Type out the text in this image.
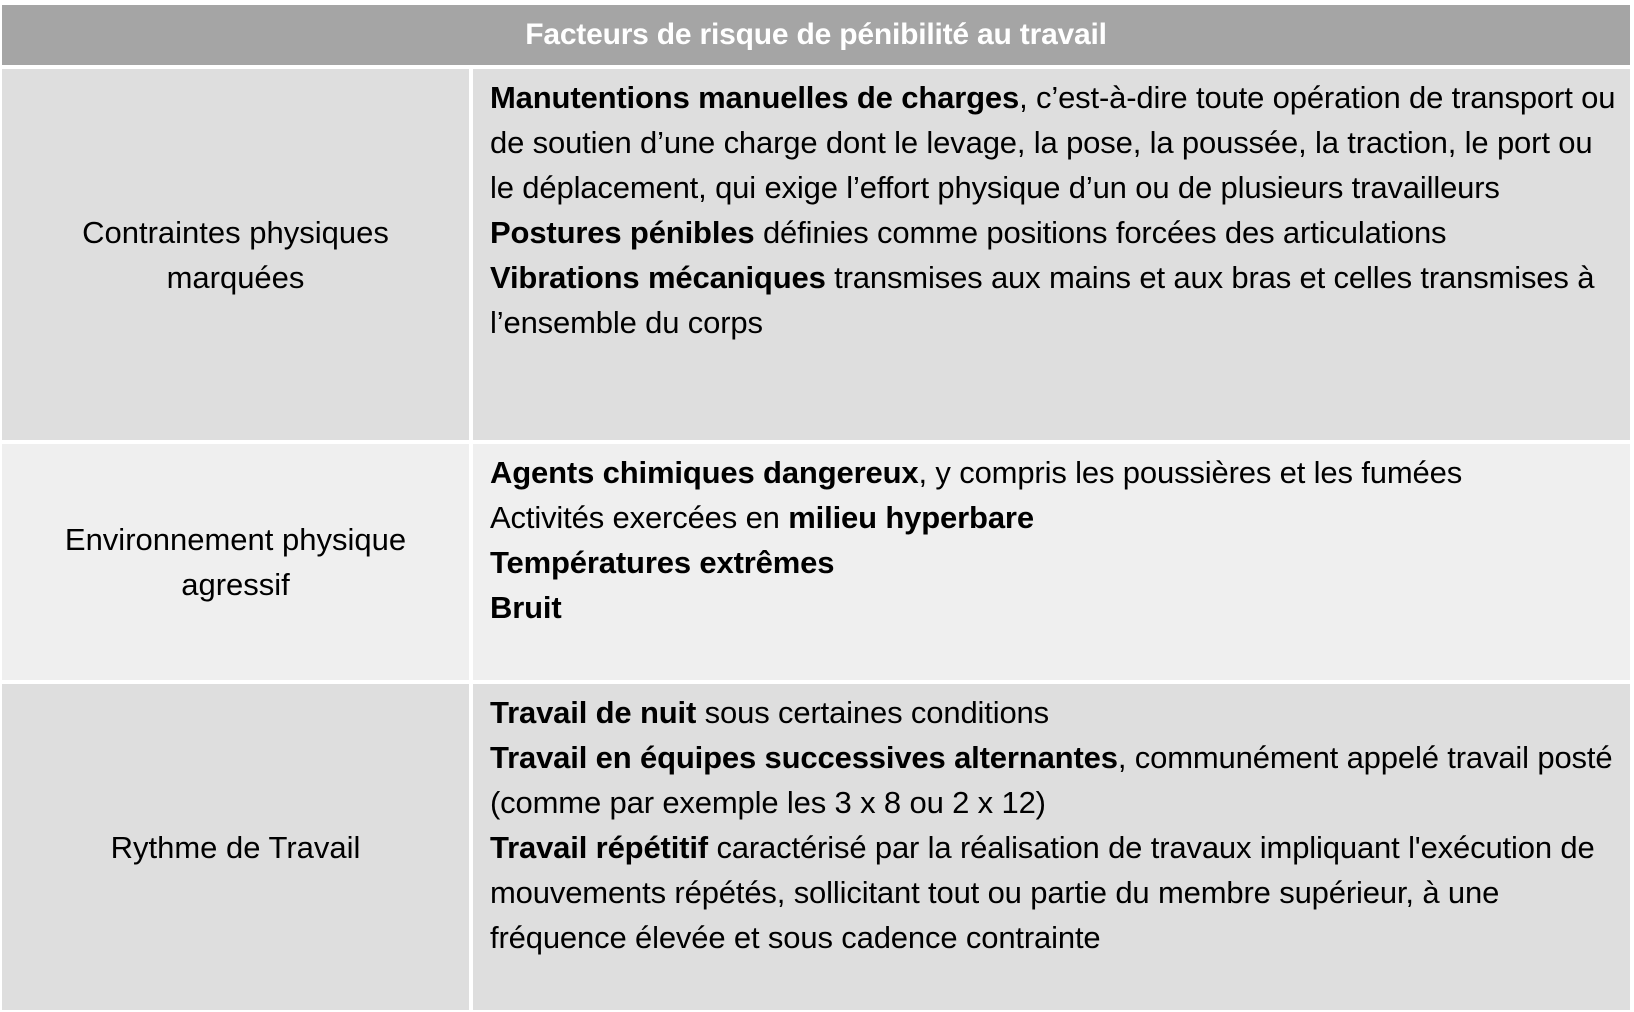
Facteurs de risque de pénibilité au travail
Contraintes physiques marquées
Manutentions manuelles de charges, c’est-à-dire toute opération de transport ou de soutien d’une charge dont le levage, la pose, la poussée, la traction, le port ou le déplacement, qui exige l’effort physique d’un ou de plusieurs travailleurs
Postures pénibles définies comme positions forcées des articulations
Vibrations mécaniques transmises aux mains et aux bras et celles transmises à l’ensemble du corps
Environnement physique agressif
Agents chimiques dangereux, y compris les poussières et les fumées
Activités exercées en milieu hyperbare
Températures extrêmes
Bruit
Rythme de Travail
Travail de nuit sous certaines conditions
Travail en équipes successives alternantes, communément appelé travail posté (comme par exemple les 3 x 8 ou 2 x 12)
Travail répétitif caractérisé par la réalisation de travaux impliquant l'exécution de mouvements répétés, sollicitant tout ou partie du membre supérieur, à une fréquence élevée et sous cadence contrainte
